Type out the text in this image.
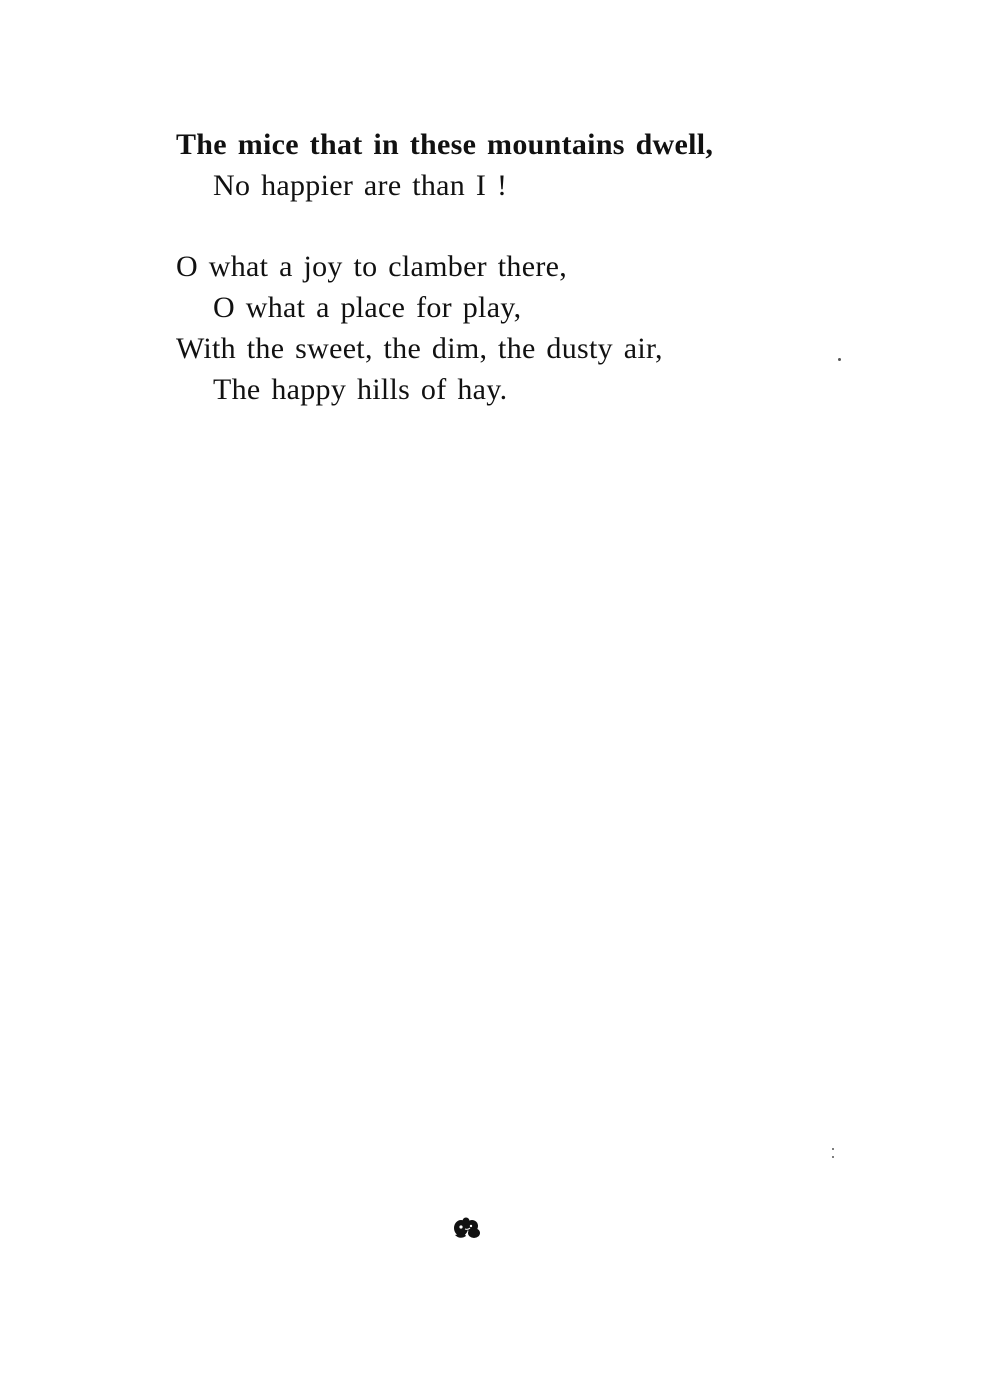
The mice that in these mountains dwell,
No happier are than I !
O what a joy to clamber there,
O what a place for play,
With the sweet, the dim, the dusty air,
The happy hills of hay.
